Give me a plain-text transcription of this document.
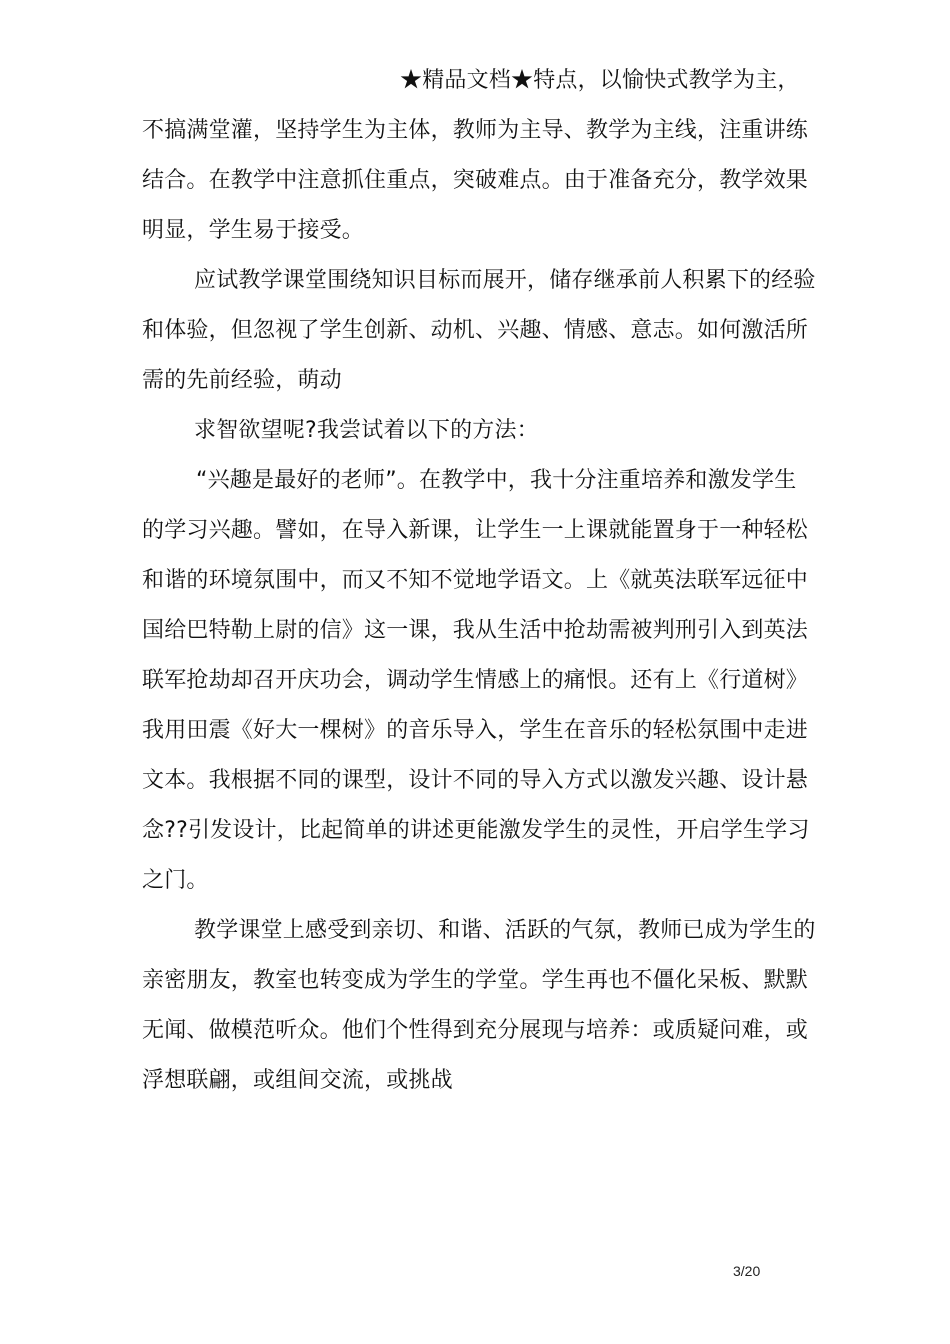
★精品文档★特点，以愉快式教学为主，
不搞满堂灌，坚持学生为主体，教师为主导、教学为主线，注重讲练
结合。在教学中注意抓住重点，突破难点。由于准备充分，教学效果
明显，学生易于接受。
应试教学课堂围绕知识目标而展开，储存继承前人积累下的经验
和体验，但忽视了学生创新、动机、兴趣、情感、意志。如何激活所
需的先前经验，萌动
求智欲望呢?我尝试着以下的方法：
“兴趣是最好的老师”。在教学中，我十分注重培养和激发学生
的学习兴趣。譬如，在导入新课，让学生一上课就能置身于一种轻松
和谐的环境氛围中，而又不知不觉地学语文。上《就英法联军远征中
国给巴特勒上尉的信》这一课，我从生活中抢劫需被判刑引入到英法
联军抢劫却召开庆功会，调动学生情感上的痛恨。还有上《行道树》
我用田震《好大一棵树》的音乐导入，学生在音乐的轻松氛围中走进
文本。我根据不同的课型，设计不同的导入方式以激发兴趣、设计悬
念??引发设计，比起简单的讲述更能激发学生的灵性，开启学生学习
之门。
教学课堂上感受到亲切、和谐、活跃的气氛，教师已成为学生的
亲密朋友，教室也转变成为学生的学堂。学生再也不僵化呆板、默默
无闻、做模范听众。他们个性得到充分展现与培养：或质疑问难，或
浮想联翩，或组间交流，或挑战
3/20
